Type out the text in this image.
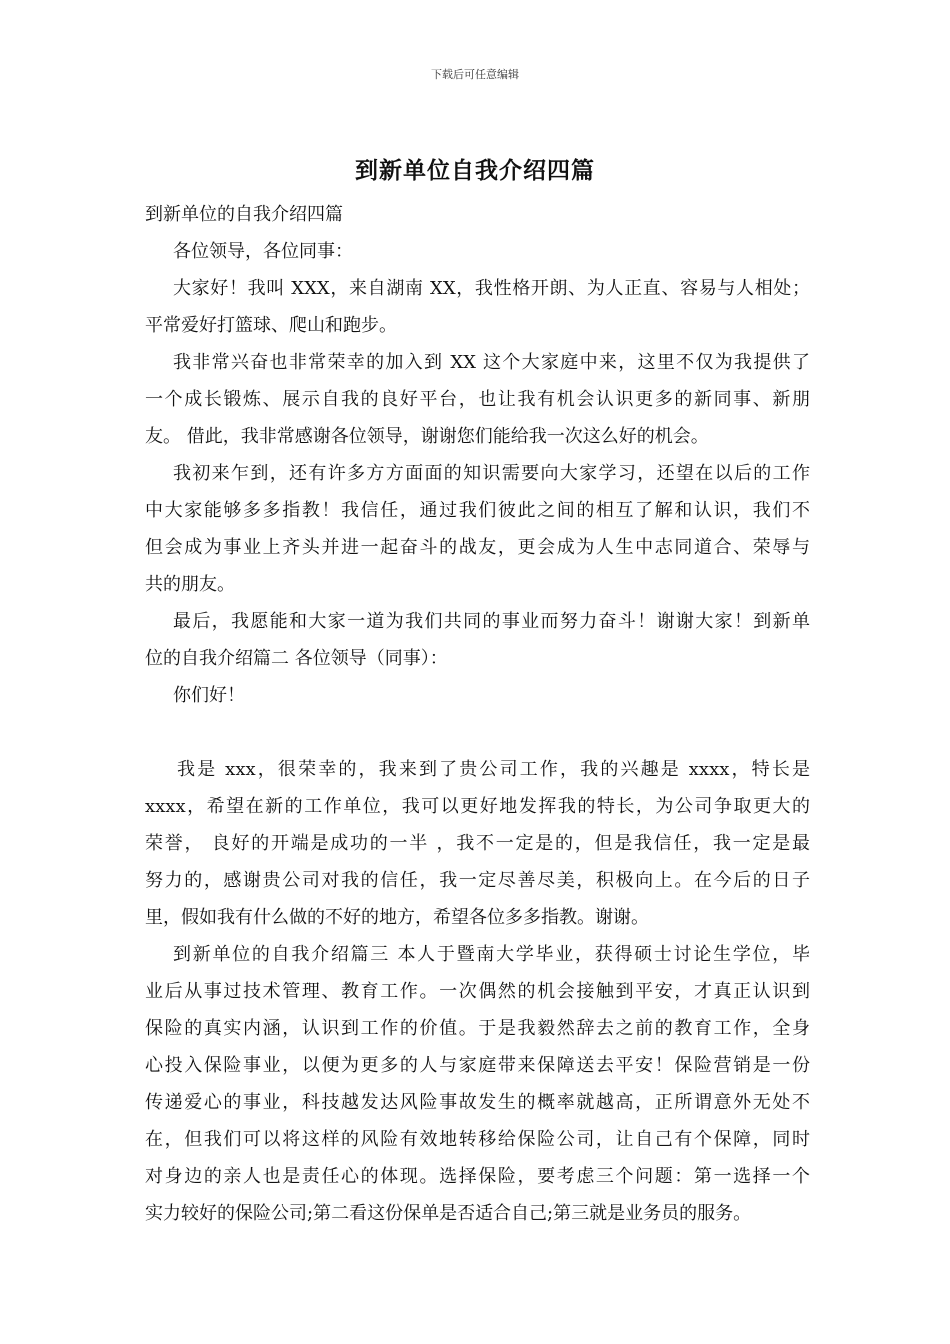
下载后可任意编辑
到新单位自我介绍四篇
到新单位的自我介绍四篇
各位领导，各位同事：
大家好！我叫 XXX，来自湖南 XX，我性格开朗、为人正直、容易与人相处；
平常爱好打篮球、爬山和跑步。
我非常兴奋也非常荣幸的加入到 XX 这个大家庭中来，这里不仅为我提供了
一个成长锻炼、展示自我的良好平台，也让我有机会认识更多的新同事、新朋
友。 借此，我非常感谢各位领导，谢谢您们能给我一次这么好的机会。
我初来乍到，还有许多方方面面的知识需要向大家学习，还望在以后的工作
中大家能够多多指教！我信任，通过我们彼此之间的相互了解和认识，我们不
但会成为事业上齐头并进一起奋斗的战友，更会成为人生中志同道合、荣辱与
共的朋友。
最后，我愿能和大家一道为我们共同的事业而努力奋斗！谢谢大家！到新单
位的自我介绍篇二 各位领导（同事）：
你们好！
我是 xxx，很荣幸的，我来到了贵公司工作，我的兴趣是 xxxx，特长是
xxxx，希望在新的工作单位，我可以更好地发挥我的特长，为公司争取更大的
荣誉， 良好的开端是成功的一半 ，我不一定是的，但是我信任，我一定是最
努力的，感谢贵公司对我的信任，我一定尽善尽美，积极向上。在今后的日子
里，假如我有什么做的不好的地方，希望各位多多指教。谢谢。
到新单位的自我介绍篇三 本人于暨南大学毕业，获得硕士讨论生学位，毕
业后从事过技术管理、教育工作。一次偶然的机会接触到平安，才真正认识到
保险的真实内涵，认识到工作的价值。于是我毅然辞去之前的教育工作，全身
心投入保险事业，以便为更多的人与家庭带来保障送去平安！保险营销是一份
传递爱心的事业，科技越发达风险事故发生的概率就越高，正所谓意外无处不
在，但我们可以将这样的风险有效地转移给保险公司，让自己有个保障，同时
对身边的亲人也是责任心的体现。选择保险，要考虑三个问题：第一选择一个
实力较好的保险公司;第二看这份保单是否适合自己;第三就是业务员的服务。
